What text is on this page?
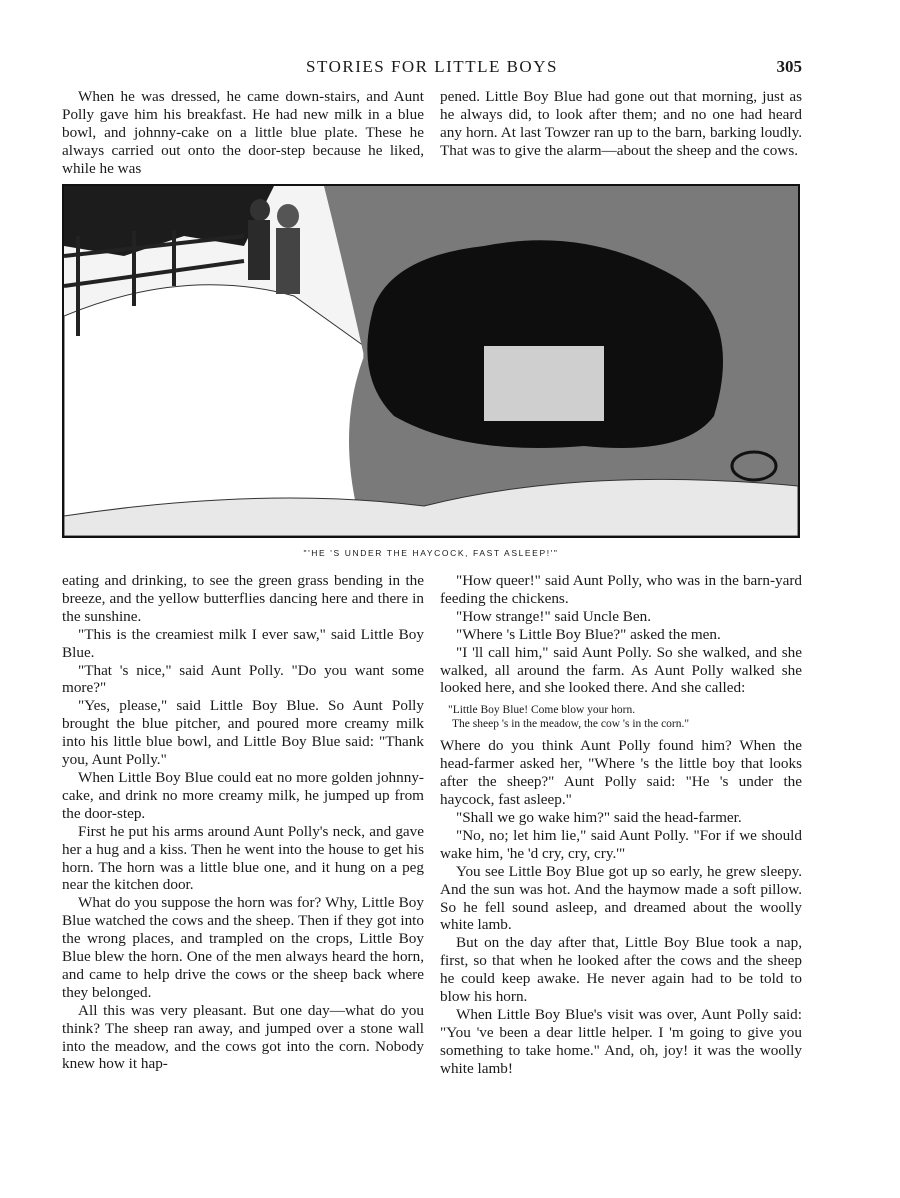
STORIES FOR LITTLE BOYS	305

When he was dressed, he came down-stairs, and Aunt Polly gave him his breakfast. He had new milk in a blue bowl, and johnny-cake on a little blue plate. These he always carried out onto the door-step because he liked, while he was

pened. Little Boy Blue had gone out that morning, just as he always did, to look after them; and no one had heard any horn. At last Towzer ran up to the barn, barking loudly. That was to give the alarm—about the sheep and the cows.

"'HE 'S UNDER THE HAYCOCK, FAST ASLEEP!'"

eating and drinking, to see the green grass bending in the breeze, and the yellow butterflies dancing here and there in the sunshine.

"This is the creamiest milk I ever saw," said Little Boy Blue.

"That 's nice," said Aunt Polly. "Do you want some more?"

"Yes, please," said Little Boy Blue. So Aunt Polly brought the blue pitcher, and poured more creamy milk into his little blue bowl, and Little Boy Blue said: "Thank you, Aunt Polly."

When Little Boy Blue could eat no more golden johnny-cake, and drink no more creamy milk, he jumped up from the door-step.

First he put his arms around Aunt Polly's neck, and gave her a hug and a kiss. Then he went into the house to get his horn. The horn was a little blue one, and it hung on a peg near the kitchen door.

What do you suppose the horn was for? Why, Little Boy Blue watched the cows and the sheep. Then if they got into the wrong places, and trampled on the crops, Little Boy Blue blew the horn. One of the men always heard the horn, and came to help drive the cows or the sheep back where they belonged.

All this was very pleasant. But one day—what do you think? The sheep ran away, and jumped over a stone wall into the meadow, and the cows got into the corn. Nobody knew how it hap-

"How queer!" said Aunt Polly, who was in the barn-yard feeding the chickens.

"How strange!" said Uncle Ben.

"Where 's Little Boy Blue?" asked the men.

"I 'll call him," said Aunt Polly. So she walked, and she walked, all around the farm. As Aunt Polly walked she looked here, and she looked there. And she called:

"Little Boy Blue! Come blow your horn.
The sheep 's in the meadow, the cow 's in the corn."

Where do you think Aunt Polly found him? When the head-farmer asked her, "Where 's the little boy that looks after the sheep?" Aunt Polly said: "He 's under the haycock, fast asleep."

"Shall we go wake him?" said the head-farmer.

"No, no; let him lie," said Aunt Polly. "For if we should wake him, 'he 'd cry, cry, cry.'"

You see Little Boy Blue got up so early, he grew sleepy. And the sun was hot. And the haymow made a soft pillow. So he fell sound asleep, and dreamed about the woolly white lamb.

But on the day after that, Little Boy Blue took a nap, first, so that when he looked after the cows and the sheep he could keep awake. He never again had to be told to blow his horn.

When Little Boy Blue's visit was over, Aunt Polly said: "You 've been a dear little helper. I 'm going to give you something to take home." And, oh, joy! it was the woolly white lamb!
